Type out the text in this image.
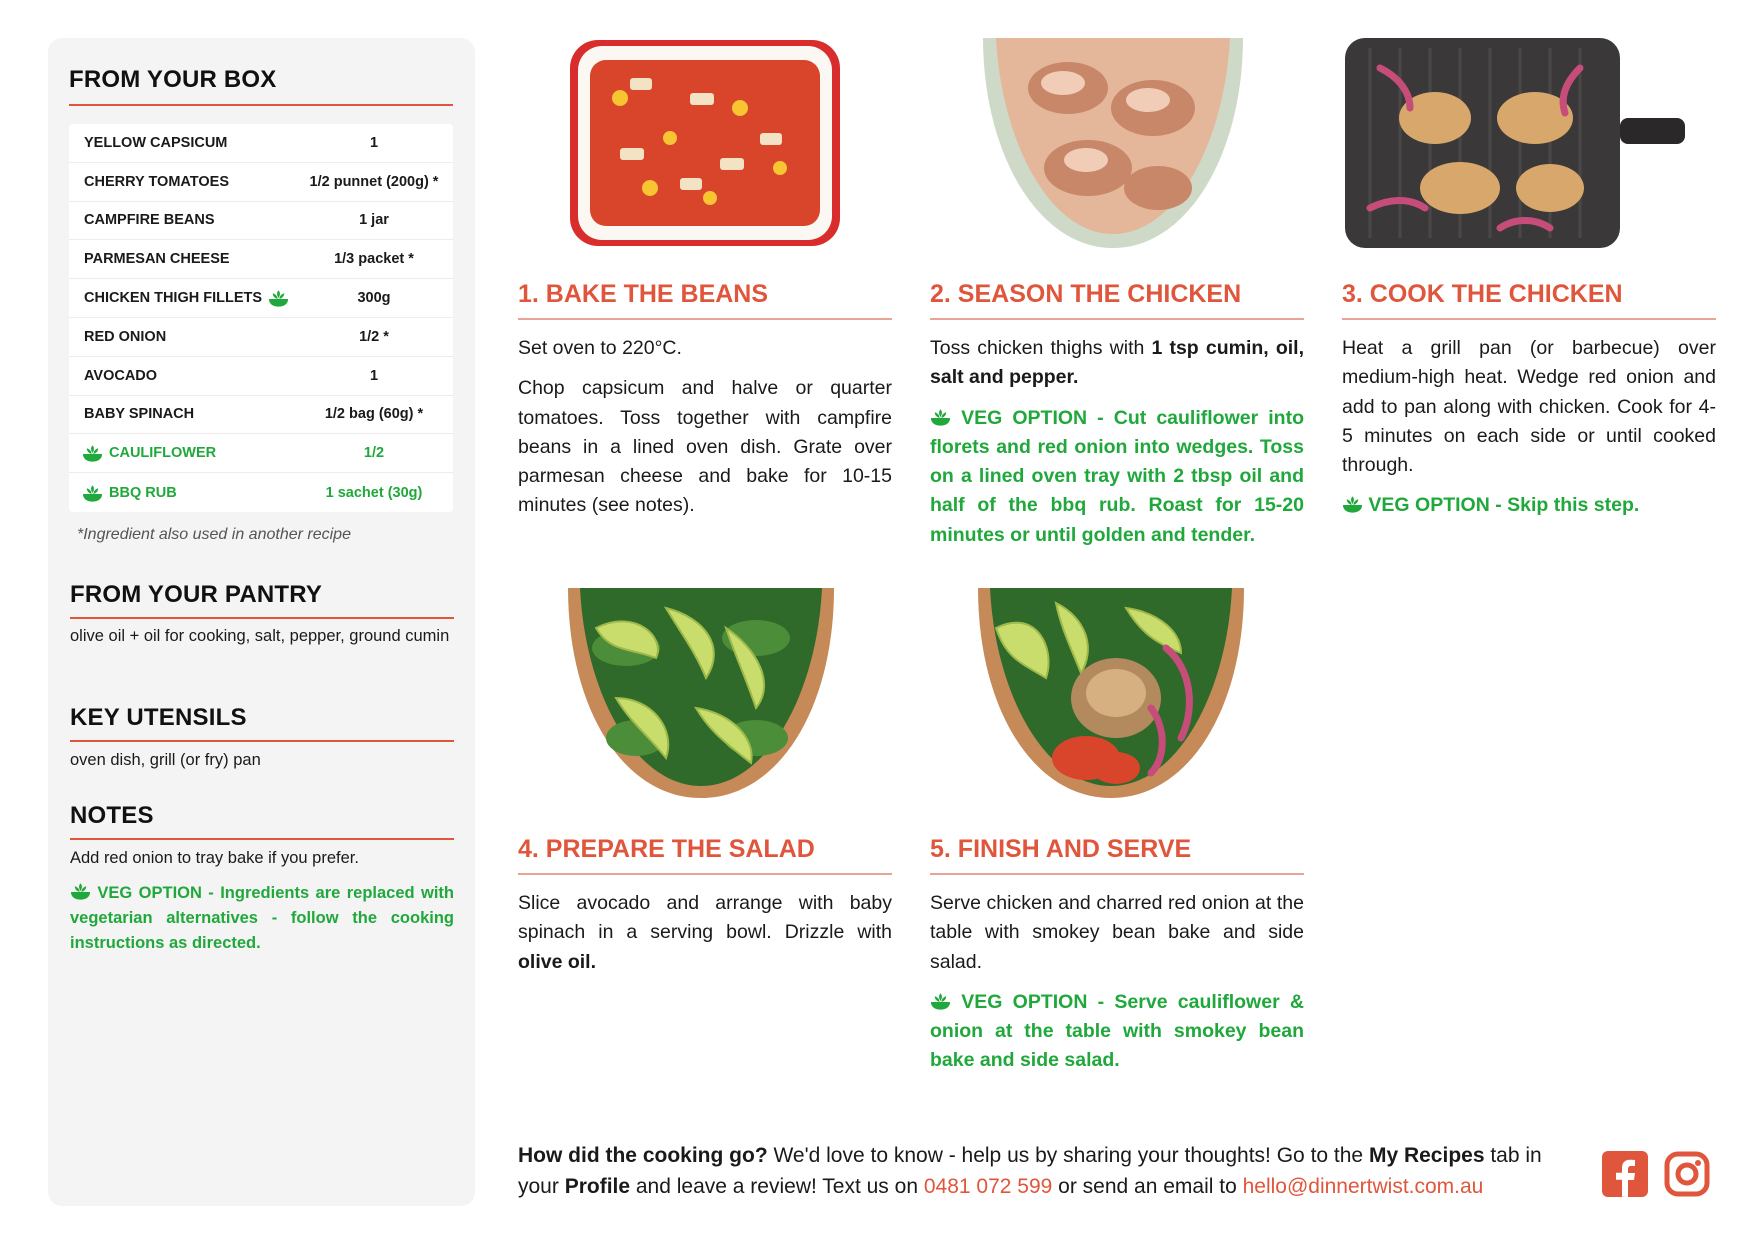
FROM YOUR BOX
YELLOW CAPSICUM	1
CHERRY TOMATOES	1/2 punnet (200g) *
CAMPFIRE BEANS	1 jar
PARMESAN CHEESE	1/3 packet *
CHICKEN THIGH FILLETS	300g
RED ONION	1/2 *
AVOCADO	1
BABY SPINACH	1/2 bag (60g) *
CAULIFLOWER	1/2
BBQ RUB	1 sachet (30g)
*Ingredient also used in another recipe
FROM YOUR PANTRY
olive oil + oil for cooking, salt, pepper, ground cumin
KEY UTENSILS
oven dish, grill (or fry) pan
NOTES
Add red onion to tray bake if you prefer.
VEG OPTION - Ingredients are replaced with vegetarian alternatives - follow the cooking instructions as directed.
1. BAKE THE BEANS

Set oven to 220°C.

Chop capsicum and halve or quarter tomatoes. Toss together with campfire beans in a lined oven dish. Grate over parmesan cheese and bake for 10-15 minutes (see notes).

2. SEASON THE CHICKEN

Toss chicken thighs with 1 tsp cumin, oil, salt and pepper.

VEG OPTION - Cut cauliflower into florets and red onion into wedges. Toss on a lined oven tray with 2 tbsp oil and half of the bbq rub. Roast for 15-20 minutes or until golden and tender.

3. COOK THE CHICKEN

Heat a grill pan (or barbecue) over medium-high heat. Wedge red onion and add to pan along with chicken. Cook for 4-5 minutes on each side or until cooked through.

VEG OPTION - Skip this step.

4. PREPARE THE SALAD

Slice avocado and arrange with baby spinach in a serving bowl. Drizzle with olive oil.

5. FINISH AND SERVE

Serve chicken and charred red onion at the table with smokey bean bake and side salad.

VEG OPTION - Serve cauliflower & onion at the table with smokey bean bake and side salad.

How did the cooking go? We'd love to know - help us by sharing your thoughts! Go to the My Recipes tab in your Profile and leave a review! Text us on 0481 072 599 or send an email to hello@dinnertwist.com.au
